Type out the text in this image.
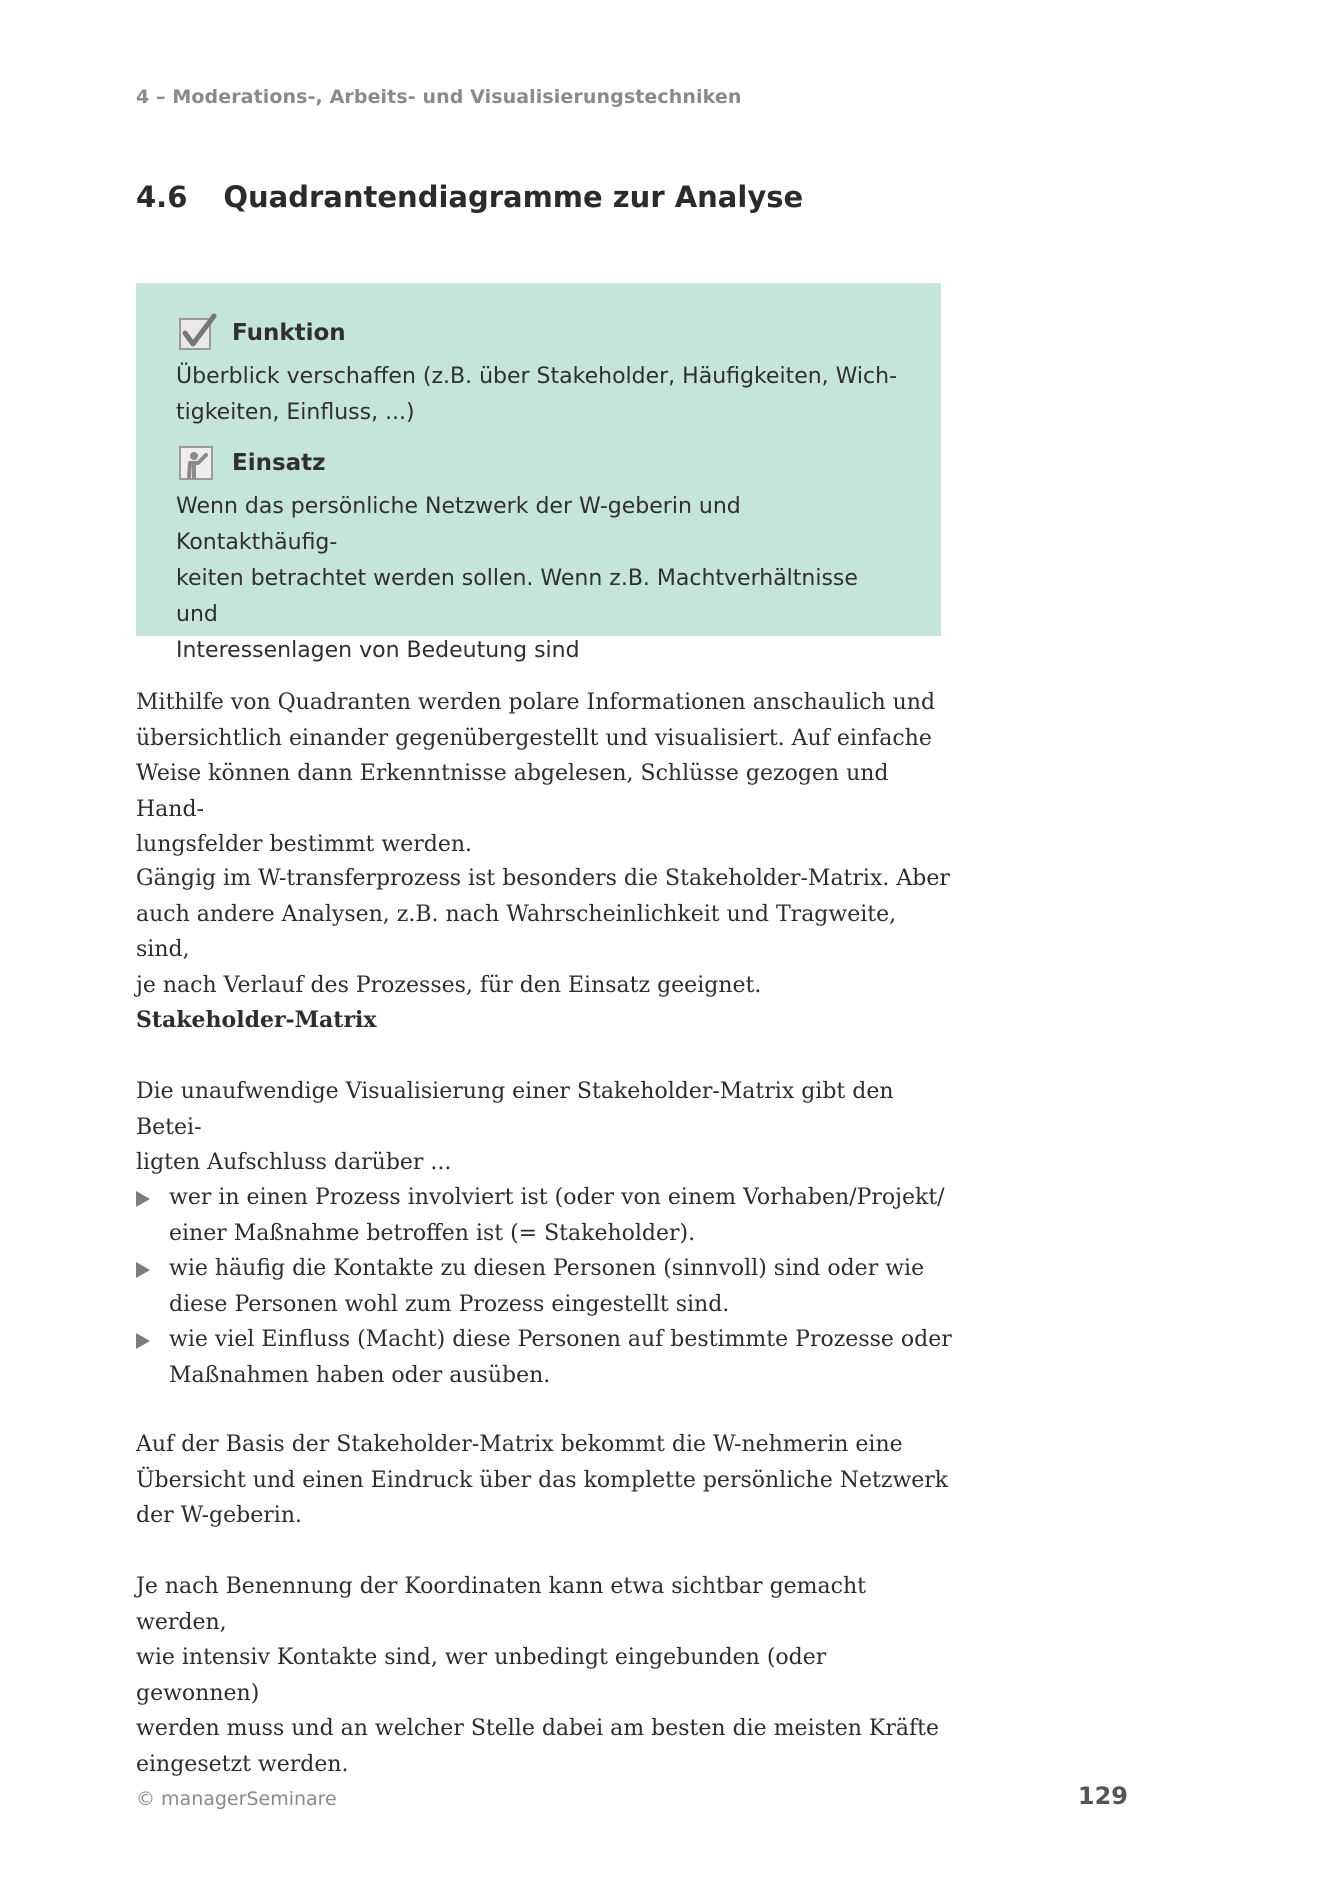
4 – Moderations-, Arbeits- und Visualisierungstechniken
4.6 Quadrantendiagramme zur Analyse
Funktion
Überblick verschaffen (z.B. über Stakeholder, Häufigkeiten, Wich-
tigkeiten, Einfluss, ...)
Einsatz
Wenn das persönliche Netzwerk der W-geberin und Kontakthäufig-
keiten betrachtet werden sollen. Wenn z.B. Machtverhältnisse und
Interessenlagen von Bedeutung sind
Mithilfe von Quadranten werden polare Informationen anschaulich und
übersichtlich einander gegenübergestellt und visualisiert. Auf einfache
Weise können dann Erkenntnisse abgelesen, Schlüsse gezogen und Hand-
lungsfelder bestimmt werden.
Gängig im W-transferprozess ist besonders die Stakeholder-Matrix. Aber
auch andere Analysen, z.B. nach Wahrscheinlichkeit und Tragweite, sind,
je nach Verlauf des Prozesses, für den Einsatz geeignet.
Stakeholder-Matrix
Die unaufwendige Visualisierung einer Stakeholder-Matrix gibt den Betei-
ligten Aufschluss darüber ...
wer in einen Prozess involviert ist (oder von einem Vorhaben/Projekt/
einer Maßnahme betroffen ist (= Stakeholder).
wie häufig die Kontakte zu diesen Personen (sinnvoll) sind oder wie
diese Personen wohl zum Prozess eingestellt sind.
wie viel Einfluss (Macht) diese Personen auf bestimmte Prozesse oder
Maßnahmen haben oder ausüben.
Auf der Basis der Stakeholder-Matrix bekommt die W-nehmerin eine
Übersicht und einen Eindruck über das komplette persönliche Netzwerk
der W-geberin.
Je nach Benennung der Koordinaten kann etwa sichtbar gemacht werden,
wie intensiv Kontakte sind, wer unbedingt eingebunden (oder gewonnen)
werden muss und an welcher Stelle dabei am besten die meisten Kräfte
eingesetzt werden.
© managerSeminare	129
